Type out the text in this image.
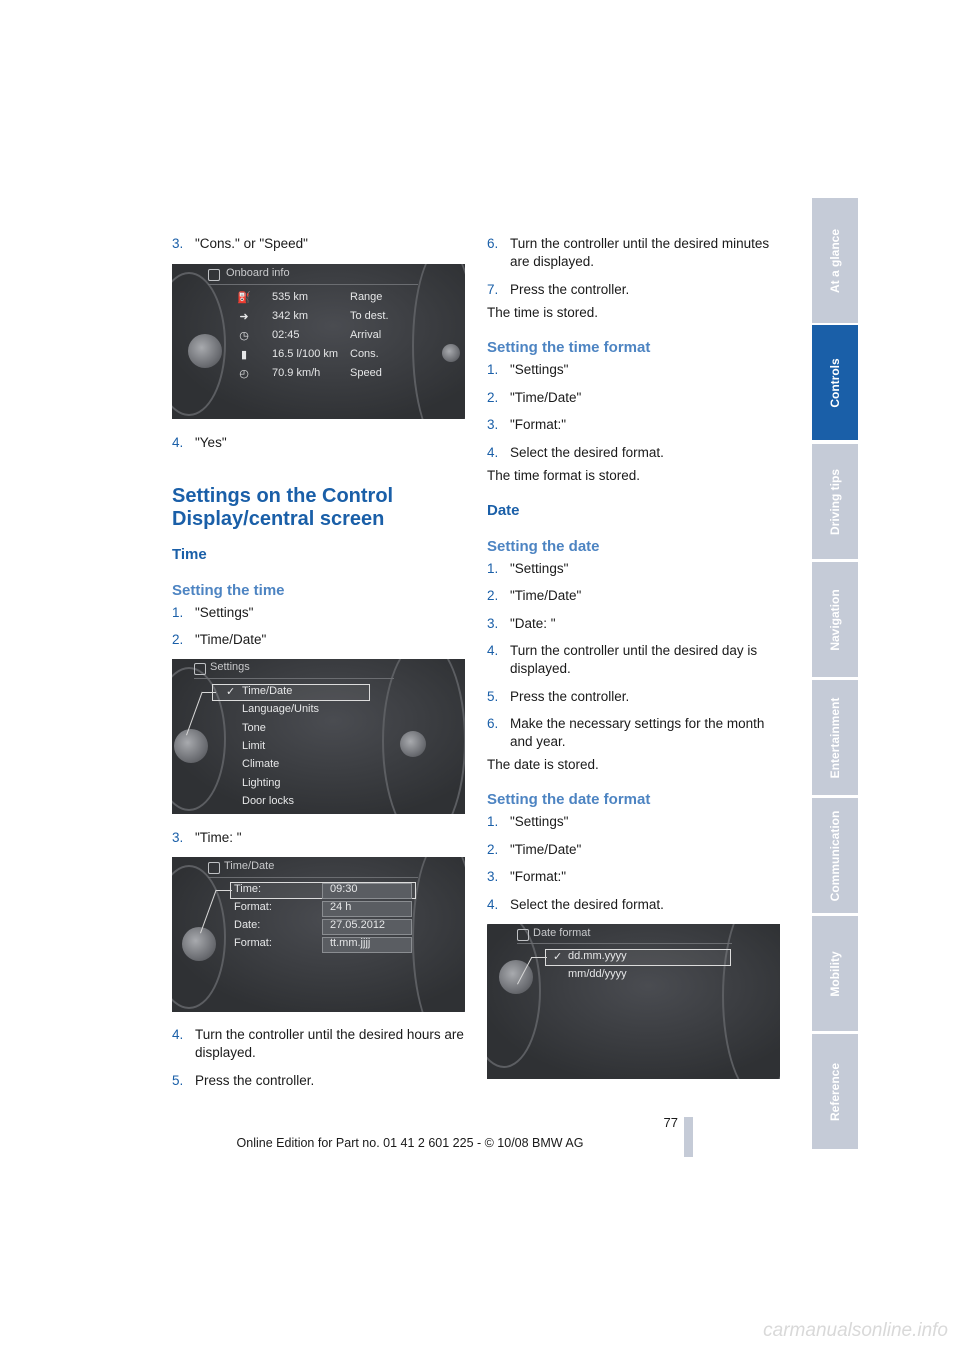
3. "Cons." or "Speed"
Onboard info
⛽ 535 km	Range
➜	342 km	To dest.
◷ 02:45	Arrival
▮	16.5 l/100 km Cons.
◴ 70.9 km/h	Speed
4. "Yes"
Settings on the Control Display/central screen
Time
Setting the time
1. "Settings"
2. "Time/Date"
Settings
✓ Time/Date
Language/Units
Tone
Limit
Climate
Lighting
Door locks
3. "Time: "
Time/Date
Time:	09:30
Format:	24 h
Date:	27.05.2012
Format:	tt.mm.jjjj
4. Turn the controller until the desired hours are displayed.
5. Press the controller.
6. Turn the controller until the desired minutes are displayed.
7. Press the controller.
The time is stored.
Setting the time format
1. "Settings"
2. "Time/Date"
3. "Format:"
4. Select the desired format.
The time format is stored.
Date
Setting the date
1. "Settings"
2. "Time/Date"
3. "Date: "
4. Turn the controller until the desired day is displayed.
5. Press the controller.
6. Make the necessary settings for the month and year.
The date is stored.
Setting the date format
1. "Settings"
2. "Time/Date"
3. "Format:"
4. Select the desired format.
Date format
✓ dd.mm.yyyy
mm/dd/yyyy
At a glance
Controls
Driving tips
Navigation
Entertainment
Communication
Mobility
Reference
77
Online Edition for Part no. 01 41 2 601 225 - © 10/08 BMW AG
carmanualsonline.info
